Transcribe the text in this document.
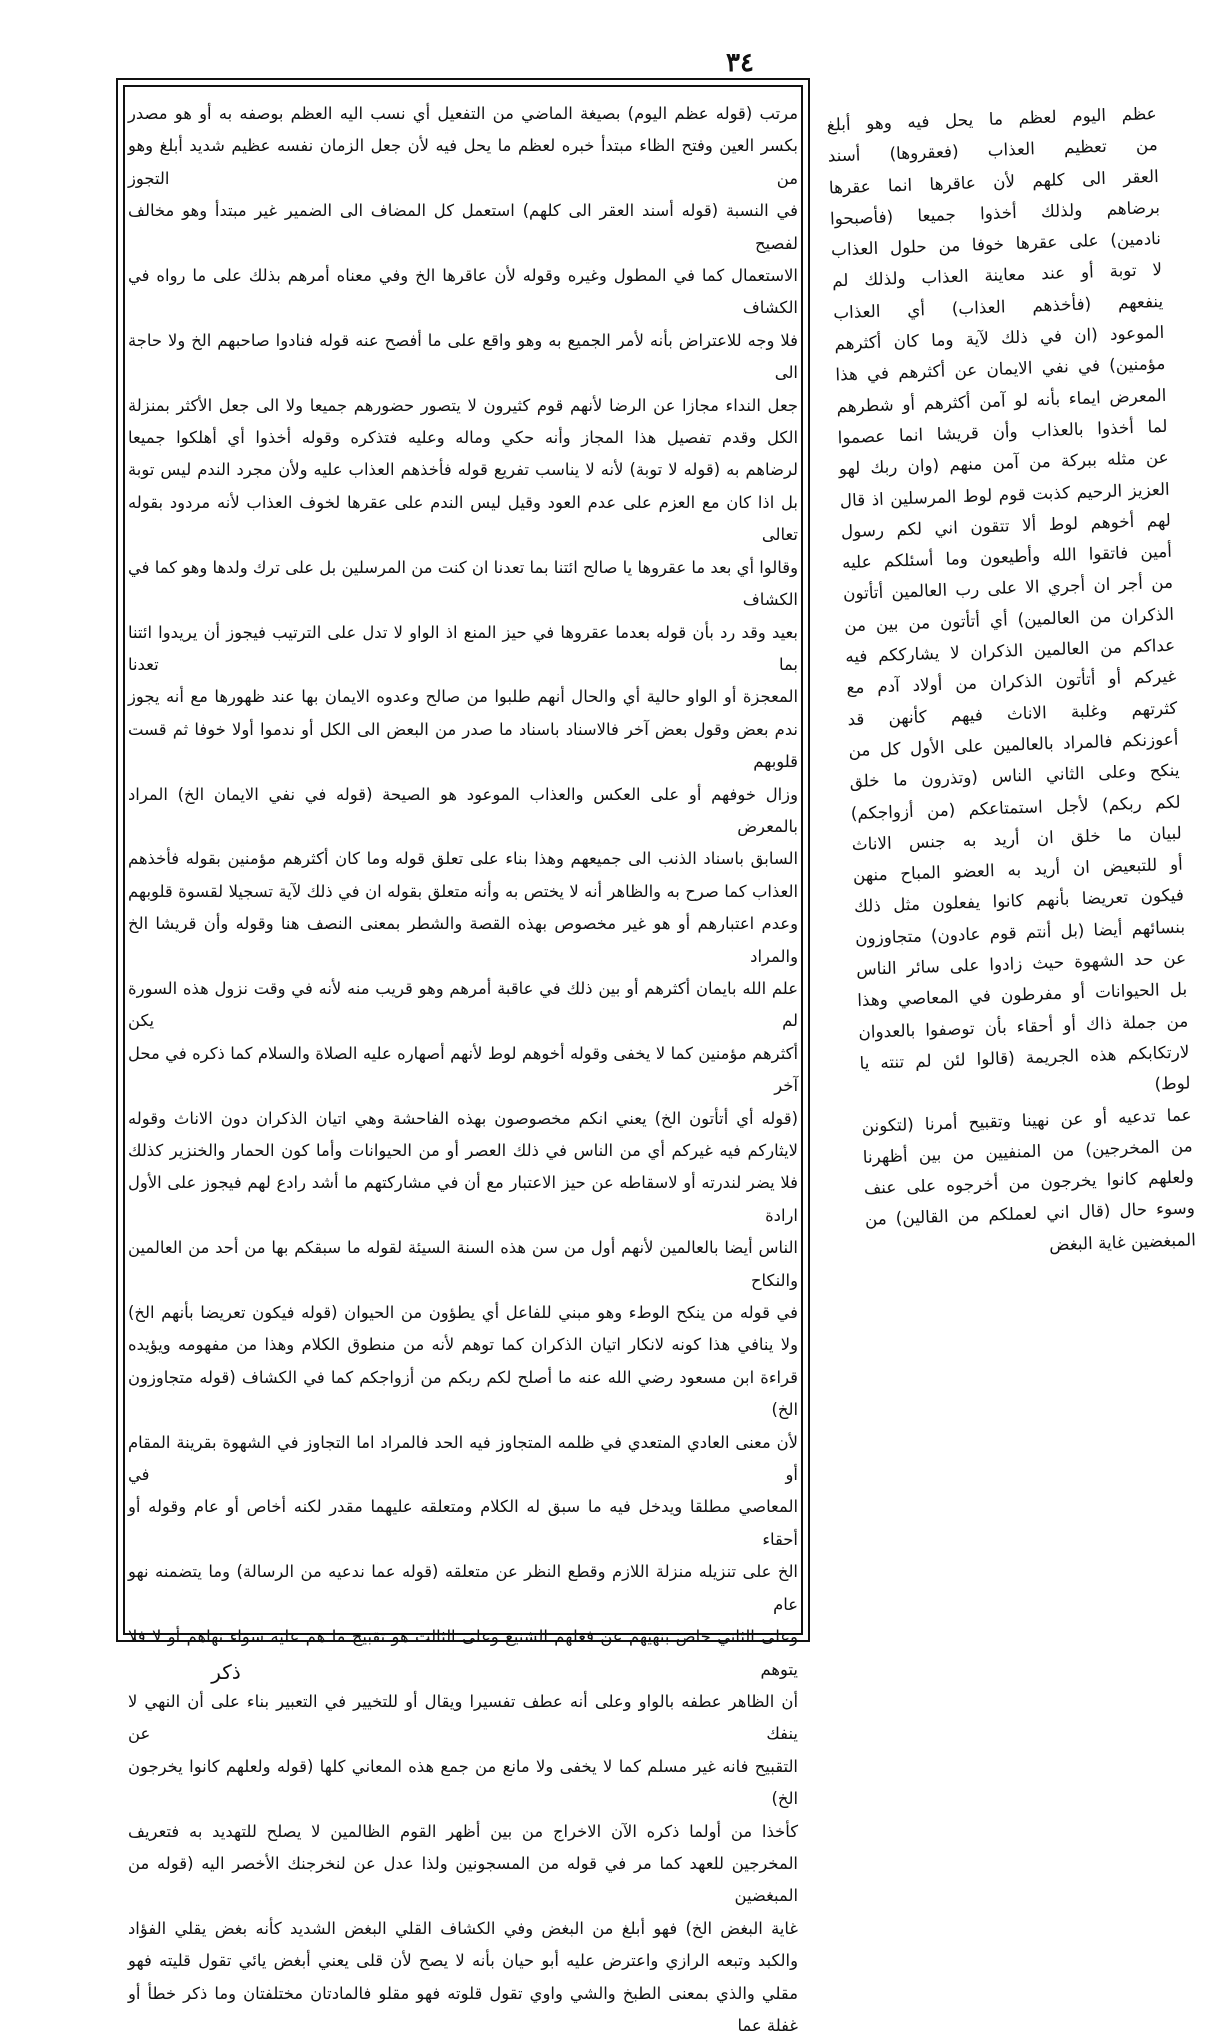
٣٤

مرتب (قوله عظم اليوم) بصيغة الماضي من التفعيل أي نسب اليه العظم بوصفه به أو هو مصدر

بكسر العين وفتح الظاء مبتدأ خبره لعظم ما يحل فيه لأن جعل الزمان نفسه عظيم شديد أبلغ وهو من التجوز

في النسبة (قوله أسند العقر الى كلهم) استعمل كل المضاف الى الضمير غير مبتدأ وهو مخالف لفصيح

الاستعمال كما في المطول وغيره وقوله لأن عاقرها الخ وفي معناه أمرهم بذلك على ما رواه في الكشاف

فلا وجه للاعتراض بأنه لأمر الجميع به وهو واقع على ما أفصح عنه قوله فنادوا صاحبهم الخ ولا حاجة الى

جعل النداء مجازا عن الرضا لأنهم قوم كثيرون لا يتصور حضورهم جميعا ولا الى جعل الأكثر بمنزلة

الكل وقدم تفصيل هذا المجاز وأنه حكي وماله وعليه فتذكره وقوله أخذوا أي أهلكوا جميعا

لرضاهم به (قوله لا توبة) لأنه لا يناسب تفريع قوله فأخذهم العذاب عليه ولأن مجرد الندم ليس توبة

بل اذا كان مع العزم على عدم العود وقيل ليس الندم على عقرها لخوف العذاب لأنه مردود بقوله تعالى

وقالوا أي بعد ما عقروها يا صالح ائتنا بما تعدنا ان كنت من المرسلين بل على ترك ولدها وهو كما في الكشاف

بعيد وقد رد بأن قوله بعدما عقروها في حيز المنع اذ الواو لا تدل على الترتيب فيجوز أن يريدوا ائتنا بما تعدنا

المعجزة أو الواو حالية أي والحال أنهم طلبوا من صالح وعدوه الايمان بها عند ظهورها مع أنه يجوز

ندم بعض وقول بعض آخر فالاسناد باسناد ما صدر من البعض الى الكل أو ندموا أولا خوفا ثم قست قلوبهم

وزال خوفهم أو على العكس والعذاب الموعود هو الصيحة (قوله في نفي الايمان الخ) المراد بالمعرض

السابق باسناد الذنب الى جميعهم وهذا بناء على تعلق قوله وما كان أكثرهم مؤمنين بقوله فأخذهم

العذاب كما صرح به والظاهر أنه لا يختص به وأنه متعلق بقوله ان في ذلك لآية تسجيلا لقسوة قلوبهم

وعدم اعتبارهم أو هو غير مخصوص بهذه القصة والشطر بمعنى النصف هنا وقوله وأن قريشا الخ والمراد

علم الله بايمان أكثرهم أو بين ذلك في عاقبة أمرهم وهو قريب منه لأنه في وقت نزول هذه السورة لم يكن

أكثرهم مؤمنين كما لا يخفى وقوله أخوهم لوط لأنهم أصهاره عليه الصلاة والسلام كما ذكره في محل آخر

(قوله أي أتأتون الخ) يعني انكم مخصوصون بهذه الفاحشة وهي اتيان الذكران دون الاناث وقوله

لايثاركم فيه غيركم أي من الناس في ذلك العصر أو من الحيوانات وأما كون الحمار والخنزير كذلك

فلا يضر لندرته أو لاسقاطه عن حيز الاعتبار مع أن في مشاركتهم ما أشد رادع لهم فيجوز على الأول ارادة

الناس أيضا بالعالمين لأنهم أول من سن هذه السنة السيئة لقوله ما سبقكم بها من أحد من العالمين والنكاح

في قوله من ينكح الوطء وهو مبني للفاعل أي يطؤون من الحيوان (قوله فيكون تعريضا بأنهم الخ)

ولا ينافي هذا كونه لانكار اتيان الذكران كما توهم لأنه من منطوق الكلام وهذا من مفهومه ويؤيده

قراءة ابن مسعود رضي الله عنه ما أصلح لكم ربكم من أزواجكم كما في الكشاف (قوله متجاوزون الخ)

لأن معنى العادي المتعدي في ظلمه المتجاوز فيه الحد فالمراد اما التجاوز في الشهوة بقرينة المقام أو في

المعاصي مطلقا ويدخل فيه ما سبق له الكلام ومتعلقه عليهما مقدر لكنه أخاص أو عام وقوله أو أحقاء

الخ على تنزيله منزلة اللازم وقطع النظر عن متعلقه (قوله عما ندعيه من الرسالة) وما يتضمنه نهو عام

وعلى الثاني خاص بنهيهم عن فعلهم الشنيع وعلى الثالث هو تقبيح ما هم عليه سواء نهاهم أو لا فلا يتوهم

أن الظاهر عطفه بالواو وعلى أنه عطف تفسيرا ويقال أو للتخيير في التعبير بناء على أن النهي لا ينفك عن

التقبيح فانه غير مسلم كما لا يخفى ولا مانع من جمع هذه المعاني كلها (قوله ولعلهم كانوا يخرجون الخ)

كأخذا من أولما ذكره الآن الاخراج من بين أظهر القوم الظالمين لا يصلح للتهديد به فتعريف

المخرجين للعهد كما مر في قوله من المسجونين ولذا عدل عن لنخرجنك الأخصر اليه (قوله من المبغضين

غاية البغض الخ) فهو أبلغ من البغض وفي الكشاف القلي البغض الشديد كأنه بغض يقلي الفؤاد

والكبد وتبعه الرازي واعترض عليه أبو حيان بأنه لا يصح لأن قلى يعني أبغض يائي تقول قليته فهو

مقلي والذي بمعنى الطبخ والشي واوي تقول قلوته فهو مقلو فالمادتان مختلفتان وما ذكر خطأ أو غفلة عما

عظم اليوم لعظم ما يحل فيه وهو أبلغ

من تعظيم العذاب (فعقروها) أسند

العقر الى كلهم لأن عاقرها انما عقرها

برضاهم ولذلك أخذوا جميعا (فأصبحوا

نادمين) على عقرها خوفا من حلول العذاب

لا توبة أو عند معاينة العذاب ولذلك لم

ينفعهم (فأخذهم العذاب) أي العذاب

الموعود (ان في ذلك لآية وما كان أكثرهم

مؤمنين) في نفي الايمان عن أكثرهم في هذا

المعرض ايماء بأنه لو آمن أكثرهم أو شطرهم

لما أخذوا بالعذاب وأن قريشا انما عصموا

عن مثله ببركة من آمن منهم (وان ربك لهو

العزيز الرحيم كذبت قوم لوط المرسلين اذ قال

لهم أخوهم لوط ألا تتقون اني لكم رسول

أمين فاتقوا الله وأطيعون وما أسئلكم عليه

من أجر ان أجري الا على رب العالمين أتأتون

الذكران من العالمين) أي أتأتون من بين من

عداكم من العالمين الذكران لا يشارككم فيه

غيركم أو أتأتون الذكران من أولاد آدم مع

كثرتهم وغلبة الاناث فيهم كأنهن قد

أعوزنكم فالمراد بالعالمين على الأول كل من

ينكح وعلى الثاني الناس (وتذرون ما خلق

لكم ربكم) لأجل استمتاعكم (من أزواجكم)

لبيان ما خلق ان أريد به جنس الاناث

أو للتبعيض ان أريد به العضو المباح منهن

فيكون تعريضا بأنهم كانوا يفعلون مثل ذلك

بنسائهم أيضا (بل أنتم قوم عادون) متجاوزون

عن حد الشهوة حيث زادوا على سائر الناس

بل الحيوانات أو مفرطون في المعاصي وهذا

من جملة ذاك أو أحقاء بأن توصفوا بالعدوان

لارتكابكم هذه الجريمة (قالوا لئن لم تنته يا لوط)

عما تدعيه أو عن نهينا وتقبيح أمرنا (لتكونن

من المخرجين) من المنفيين من بين أظهرنا

ولعلهم كانوا يخرجون من أخرجوه على عنف

وسوء حال (قال اني لعملكم من القالين) من

المبغضين غاية البغض

ذكر
